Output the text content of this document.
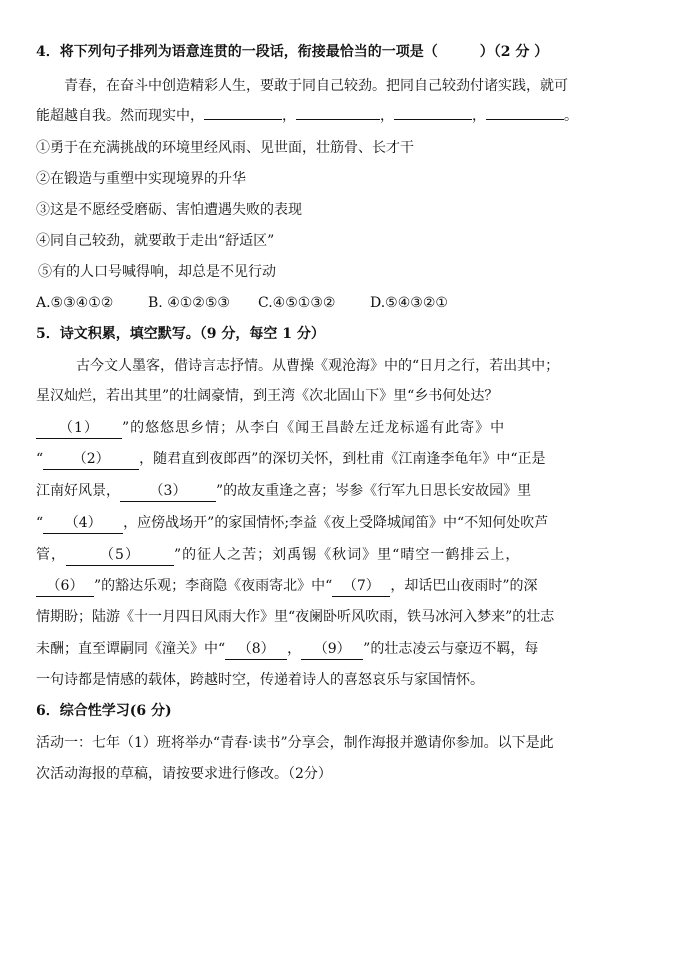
4．将下列句子排列为语意连贯的一段话，衔接最恰当的一项是（　　　）（2 分 ）
青春，在奋斗中创造精彩人生，要敢于同自己较劲。把同自己较劲付诸实践，就可
能超越自我。然而现实中，	，	，	，	。
①勇于在充满挑战的环境里经风雨、见世面，壮筋骨、长才干
②在锻造与重塑中实现境界的升华
③这是不愿经受磨砺、害怕遭遇失败的表现
④同自己较劲，就要敢于走出“舒适区”
⑤有的人口号喊得响，却总是不见行动
A.⑤③④①② B. ④①②⑤③ C.④⑤①③② D.⑤④③②①
5．诗文积累，填空默写。（9 分，每空 1 分）
古今文人墨客，借诗言志抒情。从曹操《观沧海》中的“日月之行，若出其中；
星汉灿烂，若出其里”的壮阔豪情，到王湾《次北固山下》里“乡书何处达？
（1） ”的悠悠思乡情；从李白《闻王昌龄左迁龙标遥有此寄》中
“ （2） ，随君直到夜郎西”的深切关怀，到杜甫《江南逢李龟年》中“正是
江南好风景， （3） ”的故友重逢之喜；岑参《行军九日思长安故园》里
“ （4） ，应傍战场开”的家国情怀;李益《夜上受降城闻笛》中“不知何处吹芦
管， （5） ”的征人之苦；刘禹锡《秋词》里“晴空一鹤排云上，
（6） ”的豁达乐观；李商隐《夜雨寄北》中“ （7） ，却话巴山夜雨时”的深
情期盼；陆游《十一月四日风雨大作》里“夜阑卧听风吹雨，铁马冰河入梦来”的壮志
未酬；直至谭嗣同《潼关》中“ （8） ， （9） ”的壮志凌云与豪迈不羁，每
一句诗都是情感的载体，跨越时空，传递着诗人的喜怒哀乐与家国情怀。
6．综合性学习(6 分)
活动一：七年（1）班将举办“青春·读书”分享会，制作海报并邀请你参加。以下是此
次活动海报的草稿，请按要求进行修改。（2分）
